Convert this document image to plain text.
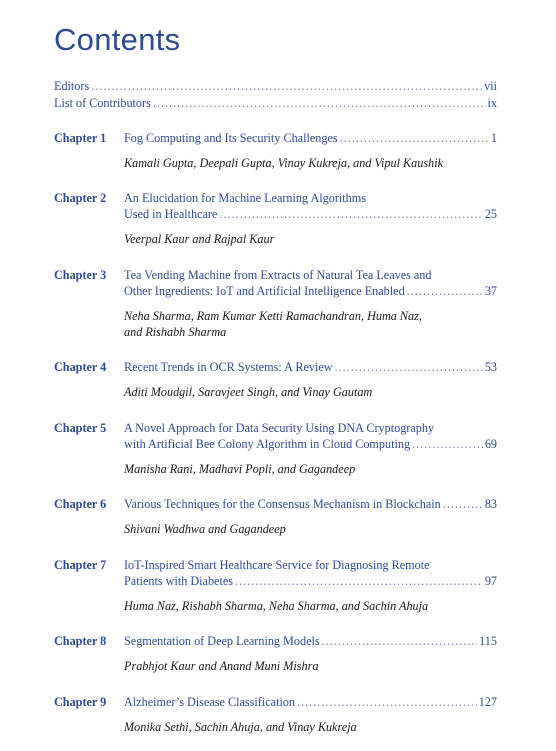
Contents
Editors .....	vii
List of Contributors .....	ix
Chapter 1	Fog Computing and Its Security Challenges .....	1
Kamali Gupta, Deepali Gupta, Vinay Kukreja, and Vipul Kaushik
Chapter 2	An Elucidation for Machine Learning Algorithms
Used in Healthcare .....	25
Veerpal Kaur and Rajpal Kaur
Chapter 3	Tea Vending Machine from Extracts of Natural Tea Leaves and
Other Ingredients: IoT and Artificial Intelligence Enabled .....	37
Neha Sharma, Ram Kumar Ketti Ramachandran, Huma Naz,
and Rishabh Sharma
Chapter 4	Recent Trends in OCR Systems: A Review .....	53
Aditi Moudgil, Saravjeet Singh, and Vinay Gautam
Chapter 5	A Novel Approach for Data Security Using DNA Cryptography
with Artificial Bee Colony Algorithm in Cloud Computing .....	69
Manisha Rani, Madhavi Popli, and Gagandeep
Chapter 6	Various Techniques for the Consensus Mechanism in Blockchain .....	83
Shivani Wadhwa and Gagandeep
Chapter 7	IoT-Inspired Smart Healthcare Service for Diagnosing Remote
Patients with Diabetes .....	97
Huma Naz, Rishabh Sharma, Neha Sharma, and Sachin Ahuja
Chapter 8	Segmentation of Deep Learning Models .....	115
Prabhjot Kaur and Anand Muni Mishra
Chapter 9	Alzheimer’s Disease Classification .....	127
Monika Sethi, Sachin Ahuja, and Vinay Kukreja
